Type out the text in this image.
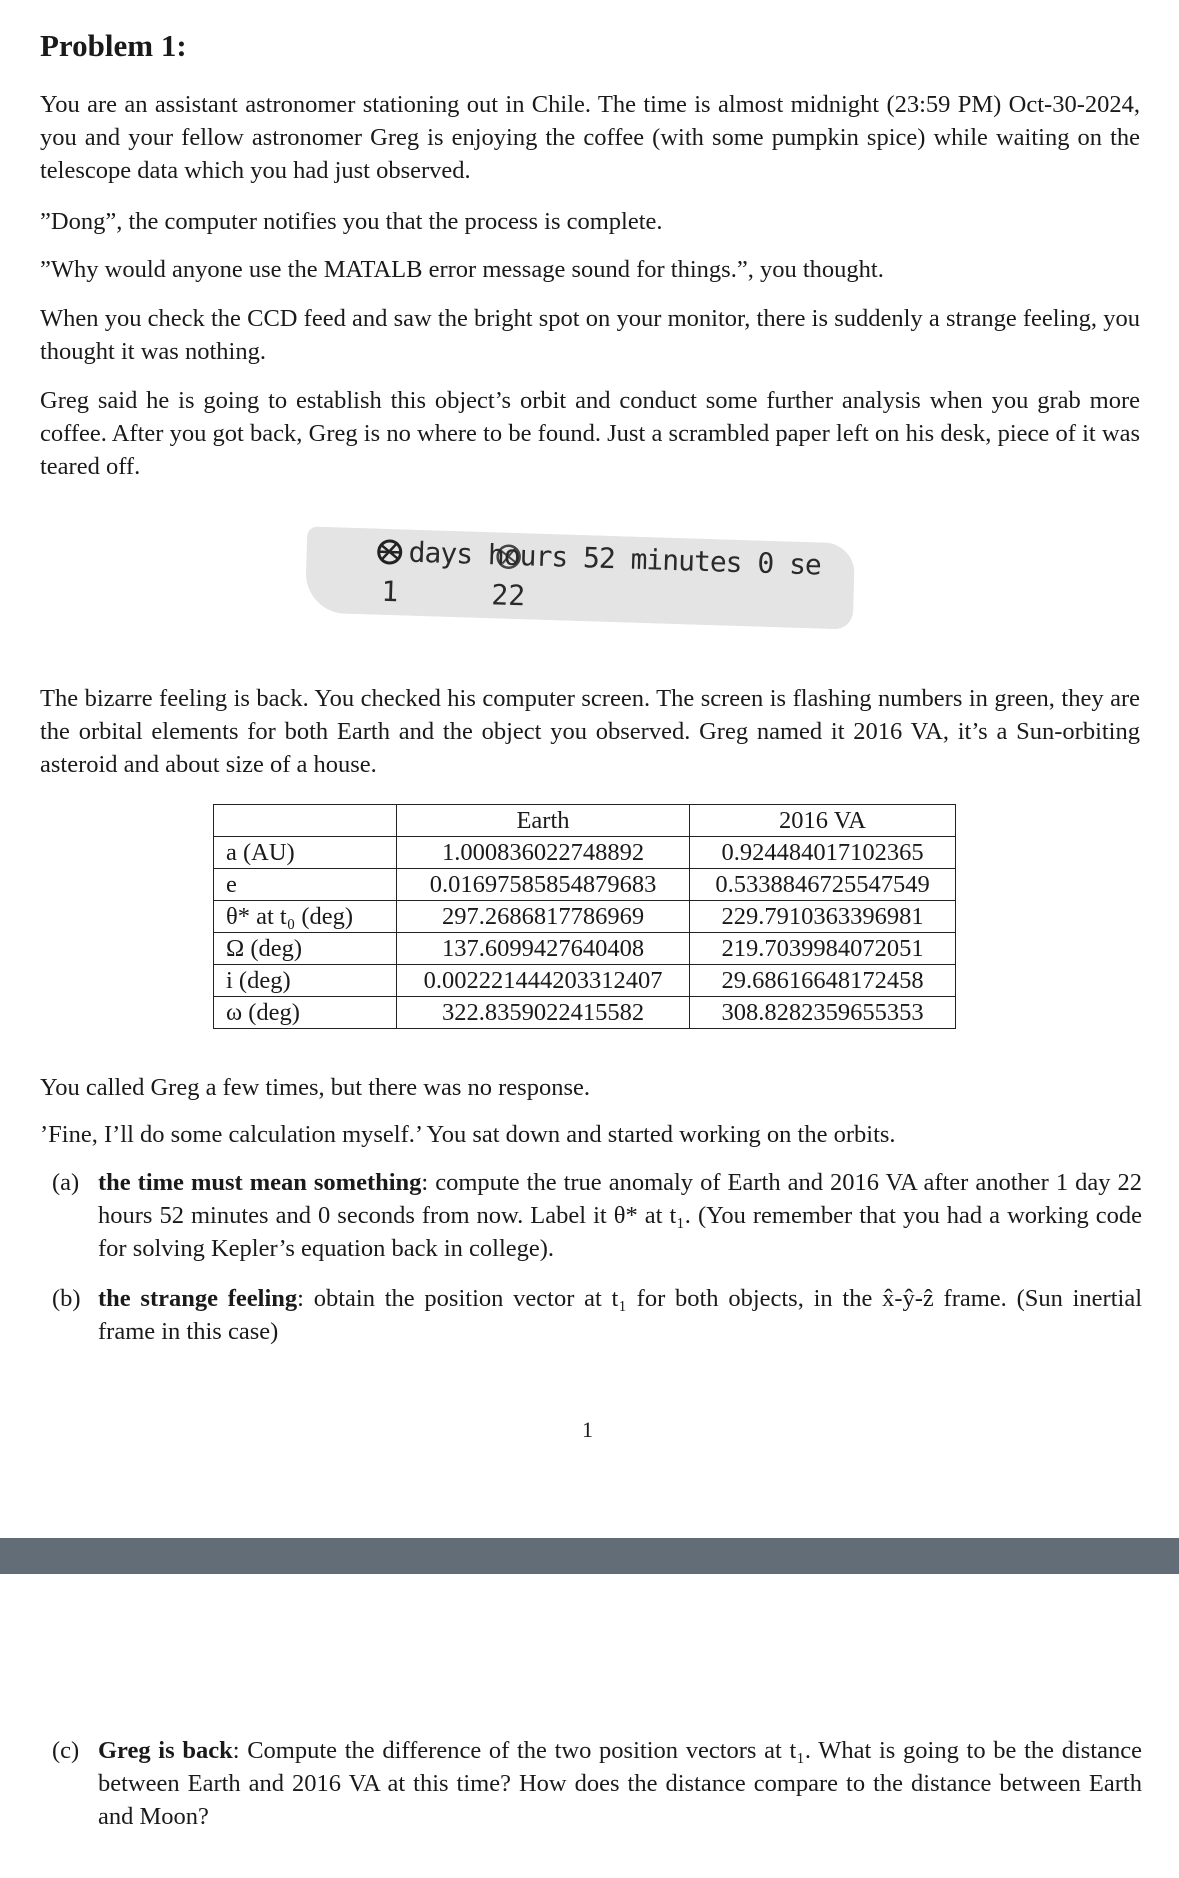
Problem 1:

You are an assistant astronomer stationing out in Chile. The time is almost midnight (23:59 PM) Oct-30-2024, you and your fellow astronomer Greg is enjoying the coffee (with some pumpkin spice) while waiting on the telescope data which you had just observed.

”Dong”, the computer notifies you that the process is complete.

”Why would anyone use the MATALB error message sound for things.”, you thought.

When you check the CCD feed and saw the bright spot on your monitor, there is suddenly a strange feeling, you thought it was nothing.

Greg said he is going to establish this object’s orbit and conduct some further analysis when you grab more coffee. After you got back, Greg is no where to be found. Just a scrambled paper left on his desk, piece of it was teared off.

days hours 52 minutes 0 se
1	22

The bizarre feeling is back. You checked his computer screen. The screen is flashing numbers in green, they are the orbital elements for both Earth and the object you observed. Greg named it 2016 VA, it’s a Sun-orbiting asteroid and about size of a house.

	Earth	2016 VA
a (AU)	1.000836022748892	0.924484017102365
e	0.01697585854879683	0.5338846725547549
θ* at t₀ (deg)	297.2686817786969	229.7910363396981
Ω (deg)	137.6099427640408	219.7039984072051
i (deg)	0.002221444203312407	29.68616648172458
ω (deg)	322.8359022415582	308.8282359655353

You called Greg a few times, but there was no response.

’Fine, I’ll do some calculation myself.’ You sat down and started working on the orbits.

(a) the time must mean something: compute the true anomaly of Earth and 2016 VA after another 1 day 22 hours 52 minutes and 0 seconds from now. Label it θ* at t₁. (You remember that you had a working code for solving Kepler’s equation back in college).
(b) the strange feeling: obtain the position vector at t₁ for both objects, in the x̂-ŷ-ẑ frame. (Sun inertial frame in this case)
1
(c) Greg is back: Compute the difference of the two position vectors at t₁. What is going to be the distance between Earth and 2016 VA at this time? How does the distance compare to the distance between Earth and Moon?
